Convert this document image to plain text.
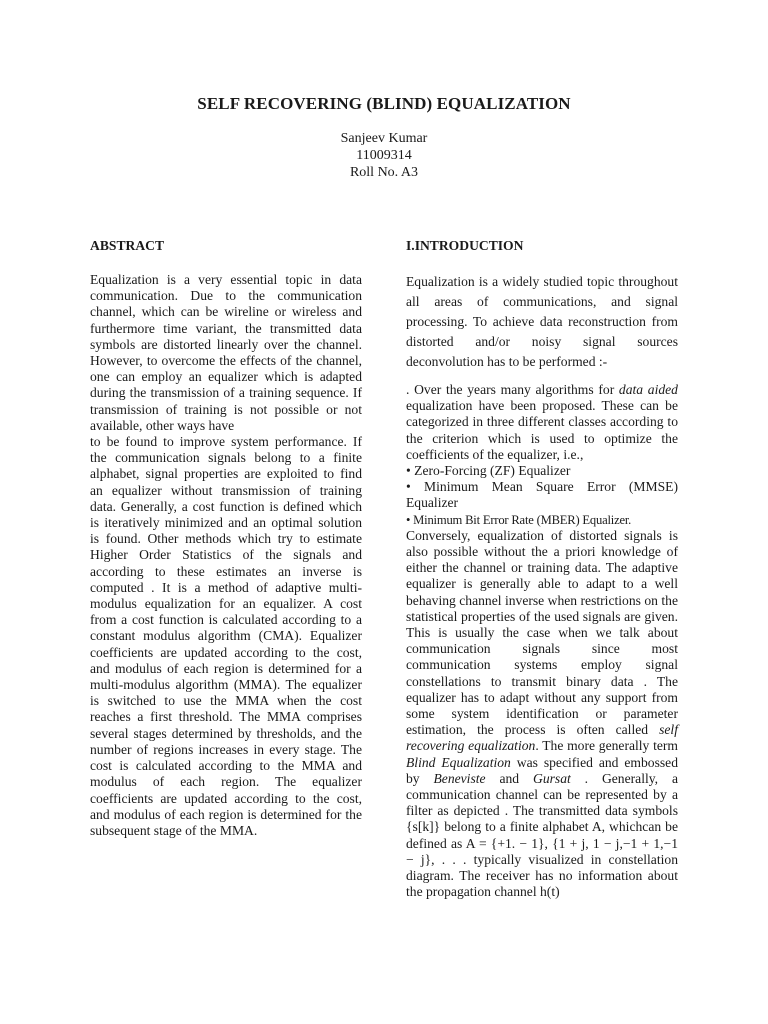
SELF RECOVERING (BLIND) EQUALIZATION
Sanjeev Kumar
11009314
Roll No. A3
ABSTRACT

Equalization is a very essential topic in data communication. Due to the communication channel, which can be wireline or wireless and furthermore time variant, the transmitted data symbols are distorted linearly over the channel. However, to overcome the effects of the channel, one can employ an equalizer which is adapted during the transmission of a training sequence. If transmission of training is not possible or not available, other ways have

to be found to improve system performance. If the communication signals belong to a finite alphabet, signal properties are exploited to find an equalizer without transmission of training data. Generally, a cost function is defined which is iteratively minimized and an optimal solution is found. Other methods which try to estimate Higher Order Statistics of the signals and according to these estimates an inverse is computed . It is a method of adaptive multi-modulus equalization for an equalizer. A cost from a cost function is calculated according to a constant modulus algorithm (CMA). Equalizer coefficients are updated according to the cost, and modulus of each region is determined for a multi-modulus algorithm (MMA). The equalizer is switched to use the MMA when the cost reaches a first threshold. The MMA comprises several stages determined by thresholds, and the number of regions increases in every stage. The cost is calculated according to the MMA and modulus of each region. The equalizer coefficients are updated according to the cost, and modulus of each region is determined for the subsequent stage of the MMA.

I.INTRODUCTION

Equalization is a widely studied topic throughout all areas of communications, and signal processing. To achieve data reconstruction from distorted and/or noisy signal sources deconvolution has to be performed :-

. Over the years many algorithms for data aided equalization have been proposed. These can be categorized in three different classes according to the criterion which is used to optimize the coefficients of the equalizer, i.e.,

• Zero-Forcing (ZF) Equalizer

• Minimum Mean Square Error (MMSE) Equalizer

• Minimum Bit Error Rate (MBER) Equalizer.

Conversely, equalization of distorted signals is also possible without the a priori knowledge of either the channel or training data. The adaptive equalizer is generally able to adapt to a well behaving channel inverse when restrictions on the statistical properties of the used signals are given. This is usually the case when we talk about communication signals since most communication systems employ signal constellations to transmit binary data . The equalizer has to adapt without any support from some system identification or parameter estimation, the process is often called self recovering equalization. The more generally term Blind Equalization was specified and embossed by Beneviste and Gursat . Generally, a communication channel can be represented by a filter as depicted . The transmitted data symbols {s[k]} belong to a finite alphabet A, whichcan be defined as A = {+1. − 1}, {1 + j, 1 − j,−1 + 1,−1 − j}, . . . typically visualized in constellation diagram. The receiver has no information about the propagation channel h(t)
